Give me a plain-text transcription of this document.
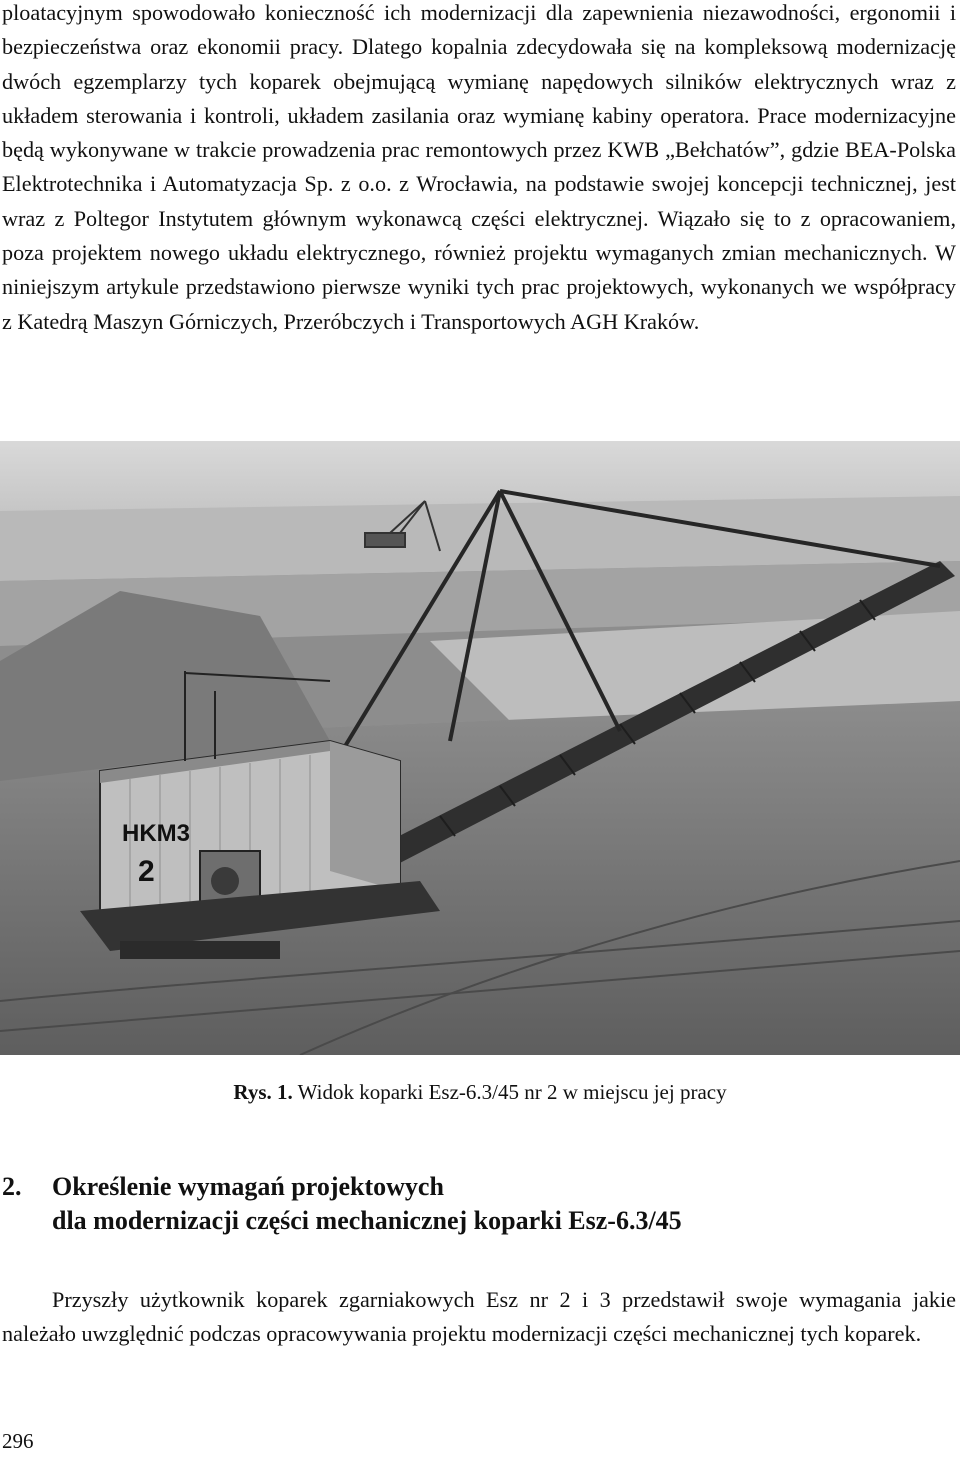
ploatacyjnym spowodowało konieczność ich modernizacji dla zapewnienia niezawodności, ergonomii i bezpieczeństwa oraz ekonomii pracy. Dlatego kopalnia zdecydowała się na kompleksową modernizację dwóch egzemplarzy tych koparek obejmującą wymianę napędowych silników elektrycznych wraz z układem sterowania i kontroli, układem zasilania oraz wymianę kabiny operatora. Prace modernizacyjne będą wykonywane w trakcie prowadzenia prac remontowych przez KWB „Bełchatów”, gdzie BEA-Polska Elektrotechnika i Automatyzacja Sp. z o.o. z Wrocławia, na podstawie swojej koncepcji technicznej, jest wraz z Poltegor Instytutem głównym wykonawcą części elektrycznej. Wiązało się to z opracowaniem, poza projektem nowego układu elektrycznego, również projektu wymaganych zmian mechanicznych. W niniejszym artykule przedstawiono pierwsze wyniki tych prac projektowych, wykonanych we współpracy z Katedrą Maszyn Górniczych, Przeróbczych i Transportowych AGH Kraków.

HKM3
2
Rys. 1. Widok koparki Esz-6.3/45 nr 2 w miejscu jej pracy
2. Określenie wymagań projektowych
dla modernizacji części mechanicznej koparki Esz-6.3/45

Przyszły użytkownik koparek zgarniakowych Esz nr 2 i 3 przedstawił swoje wymagania jakie należało uwzględnić podczas opracowywania projektu modernizacji części mechanicznej tych koparek.

296
